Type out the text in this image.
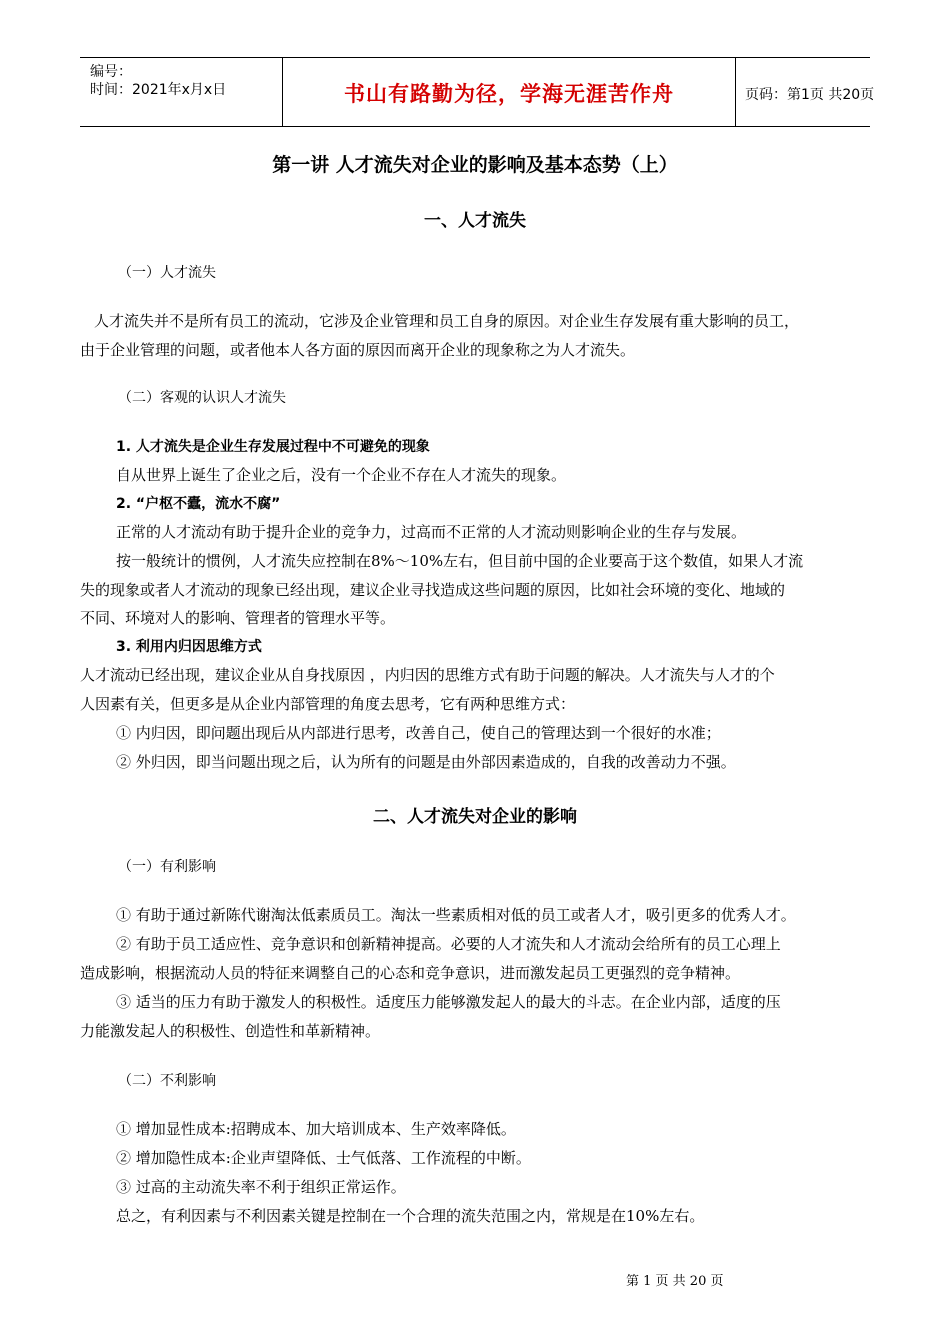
编号：
时间：2021年x月x日	书山有路勤为径，学海无涯苦作舟	页码：第1页 共20页
第一讲 人才流失对企业的影响及基本态势（上）
一、人才流失
（一）人才流失
人才流失并不是所有员工的流动，它涉及企业管理和员工自身的原因。对企业生存发展有重大影响的员工，
由于企业管理的问题，或者他本人各方面的原因而离开企业的现象称之为人才流失。
（二）客观的认识人才流失
1. 人才流失是企业生存发展过程中不可避免的现象
自从世界上诞生了企业之后，没有一个企业不存在人才流失的现象。
2. “户枢不蠹，流水不腐”
正常的人才流动有助于提升企业的竞争力，过高而不正常的人才流动则影响企业的生存与发展。
按一般统计的惯例，人才流失应控制在8%～10%左右，但目前中国的企业要高于这个数值，如果人才流
失的现象或者人才流动的现象已经出现，建议企业寻找造成这些问题的原因，比如社会环境的变化、地域的
不同、环境对人的影响、管理者的管理水平等。
3. 利用内归因思维方式
人才流动已经出现，建议企业从自身找原因 ，内归因的思维方式有助于问题的解决。人才流失与人才的个
人因素有关，但更多是从企业内部管理的角度去思考，它有两种思维方式：
① 内归因，即问题出现后从内部进行思考，改善自己，使自己的管理达到一个很好的水准；
② 外归因，即当问题出现之后，认为所有的问题是由外部因素造成的，自我的改善动力不强。
二、人才流失对企业的影响
（一）有利影响
① 有助于通过新陈代谢淘汰低素质员工。淘汰一些素质相对低的员工或者人才，吸引更多的优秀人才。
② 有助于员工适应性、竞争意识和创新精神提高。必要的人才流失和人才流动会给所有的员工心理上
造成影响，根据流动人员的特征来调整自己的心态和竞争意识，进而激发起员工更强烈的竞争精神。
③ 适当的压力有助于激发人的积极性。适度压力能够激发起人的最大的斗志。在企业内部，适度的压
力能激发起人的积极性、创造性和革新精神。
（二）不利影响
① 增加显性成本:招聘成本、加大培训成本、生产效率降低。
② 增加隐性成本:企业声望降低、士气低落、工作流程的中断。
③ 过高的主动流失率不利于组织正常运作。
总之，有利因素与不利因素关键是控制在一个合理的流失范围之内，常规是在10%左右。
第 1 页 共 20 页
